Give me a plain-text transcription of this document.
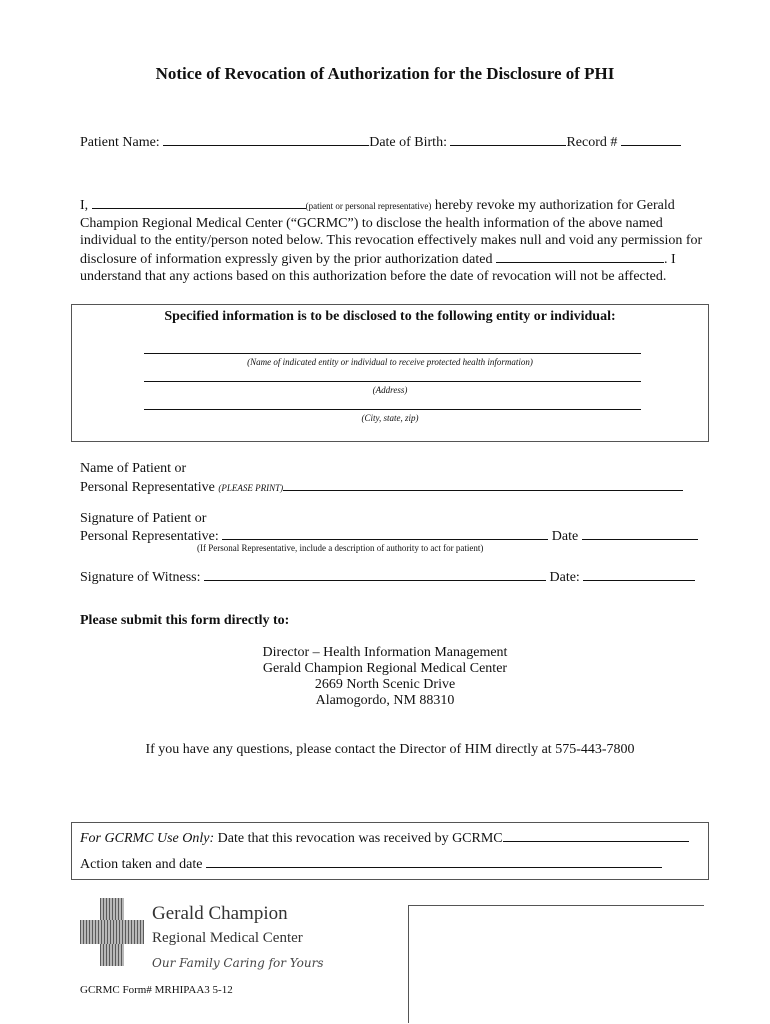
Notice of Revocation of Authorization for the Disclosure of PHI
Patient Name:	Date of Birth:	Record #
I,	(patient or personal representative) hereby revoke my authorization for Gerald
Champion Regional Medical Center (“GCRMC”) to disclose the health information of the above named
individual to the entity/person noted below. This revocation effectively makes null and void any permission for
disclosure of information expressly given by the prior authorization dated	. I
understand that any actions based on this authorization before the date of revocation will not be affected.
Specified information is to be disclosed to the following entity or individual:
(Name of indicated entity or individual to receive protected health information)
(Address)
(City, state, zip)
Name of Patient or
Personal Representative (PLEASE PRINT)
Signature of Patient or
Personal Representative:	Date
(If Personal Representative, include a description of authority to act for patient)
Signature of Witness:	Date:
Please submit this form directly to:
Director – Health Information Management
Gerald Champion Regional Medical Center
2669 North Scenic Drive
Alamogordo, NM 88310
If you have any questions, please contact the Director of HIM directly at 575-443-7800
For GCRMC Use Only: Date that this revocation was received by GCRMC
Action taken and date
Gerald Champion
Regional Medical Center
Our Family Caring for Yours
GCRMC Form# MRHIPAA3 5-12
